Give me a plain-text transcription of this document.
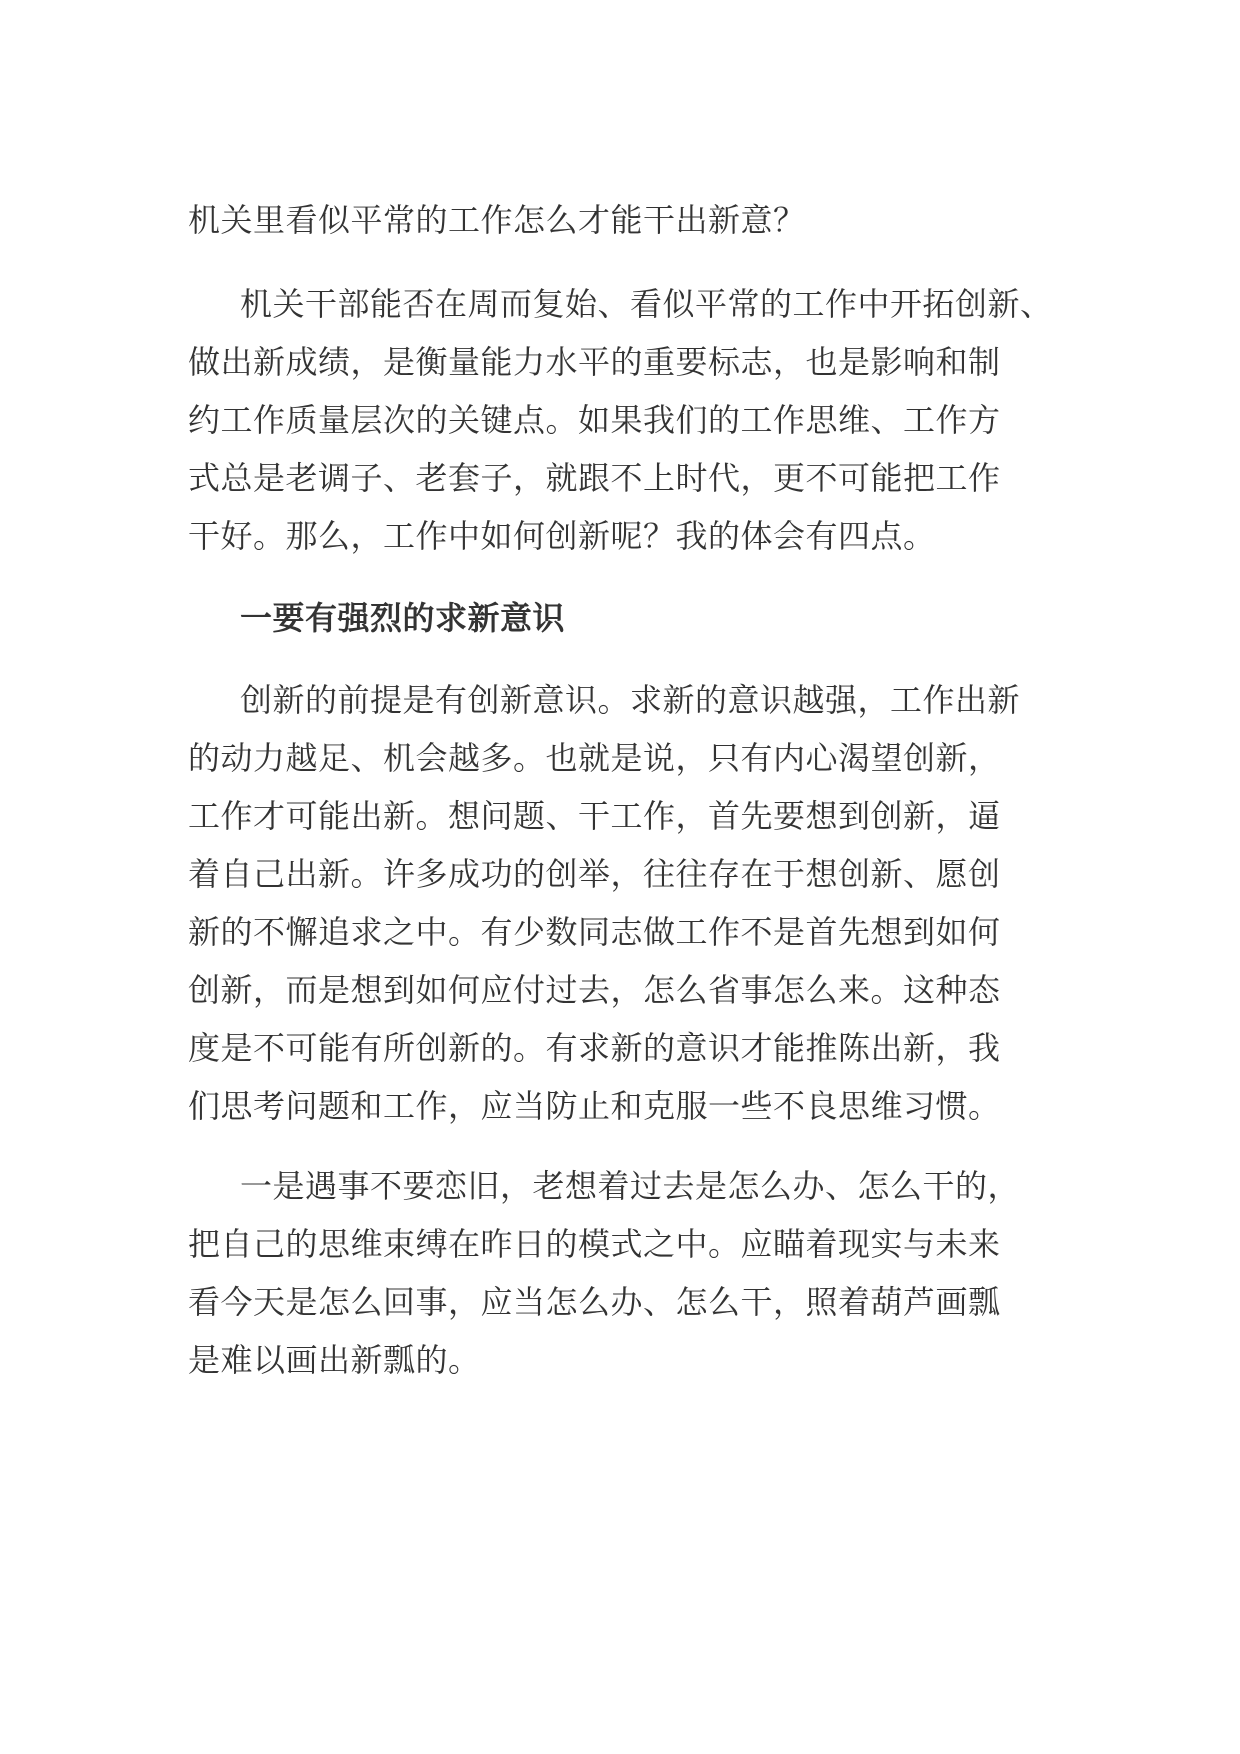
机关里看似平常的工作怎么才能干出新意？
机关干部能否在周而复始、看似平常的工作中开拓创新、
做出新成绩，是衡量能力水平的重要标志，也是影响和制
约工作质量层次的关键点。如果我们的工作思维、工作方
式总是老调子、老套子，就跟不上时代，更不可能把工作
干好。那么，工作中如何创新呢？我的体会有四点。
一要有强烈的求新意识
创新的前提是有创新意识。求新的意识越强，工作出新
的动力越足、机会越多。也就是说，只有内心渴望创新，
工作才可能出新。想问题、干工作，首先要想到创新，逼
着自己出新。许多成功的创举，往往存在于想创新、愿创
新的不懈追求之中。有少数同志做工作不是首先想到如何
创新，而是想到如何应付过去，怎么省事怎么来。这种态
度是不可能有所创新的。有求新的意识才能推陈出新，我
们思考问题和工作，应当防止和克服一些不良思维习惯。
一是遇事不要恋旧，老想着过去是怎么办、怎么干的，
把自己的思维束缚在昨日的模式之中。应瞄着现实与未来
看今天是怎么回事，应当怎么办、怎么干，照着葫芦画瓢
是难以画出新瓢的。
